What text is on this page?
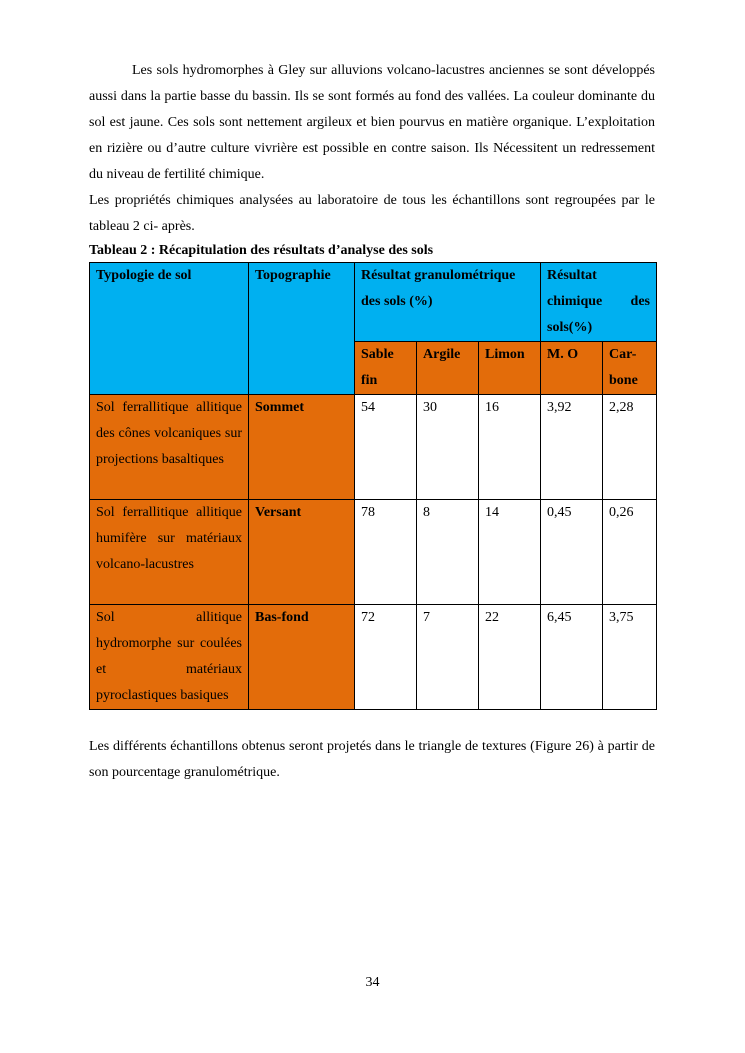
Les sols hydromorphes à Gley sur alluvions volcano-lacustres anciennes se sont développés aussi dans la partie basse du bassin. Ils se sont formés au fond des vallées. La couleur dominante du sol est jaune. Ces sols sont nettement argileux et bien pourvus en matière organique. L’exploitation en rizière ou d’autre culture vivrière est possible en contre saison. Ils Nécessitent un redressement du niveau de fertilité chimique.

Les propriétés chimiques analysées au laboratoire de tous les échantillons sont regroupées par le tableau 2 ci- après.

Tableau 2 : Récapitulation des résultats d’analyse des sols
Typologie de sol	Topographie	Résultat granulométrique des sols (%)			Résultat chimique des sols(%)	
		Sable fin	Argile	Limon	M. O	Car-bone
Sol ferrallitique allitique des cônes volcaniques sur projections basaltiques	Sommet	54	30	16	3,92	2,28
Sol ferrallitique allitique humifère sur matériaux volcano-lacustres	Versant	78	8	14	0,45	0,26
Sol allitique hydromorphe sur coulées et matériaux pyroclastiques basiques	Bas-fond	72	7	22	6,45	3,75

Les différents échantillons obtenus seront projetés dans le triangle de textures (Figure 26) à partir de son pourcentage granulométrique.

34
